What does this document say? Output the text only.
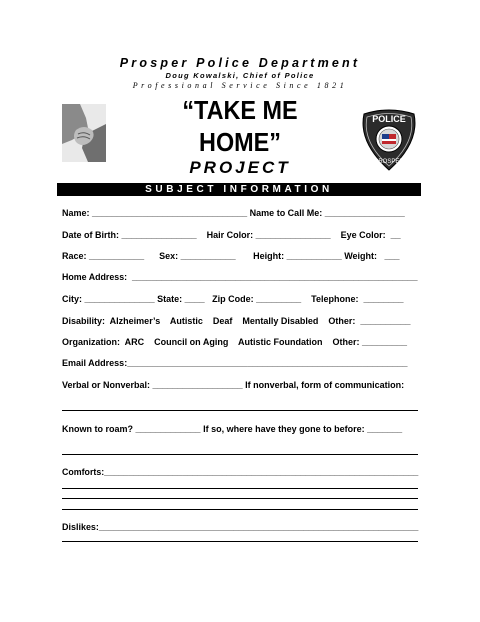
Prosper Police Department
Doug Kowalski, Chief of Police
Professional Service Since 1821
“TAKE ME
HOME”
PROJECT
POLICE
PROSPER
SUBJECT INFORMATION
Name: _______________________________ Name to Call Me: ________________
Date of Birth: _______________    Hair Color: _______________    Eye Color:  __
Race: ___________      Sex: ___________       Height: ___________ Weight:   ___
Home Address:  __________________________________________________________
City: ______________ State: ____   Zip Code: _________    Telephone:  ________
Disability:  Alzheimer’s    Autistic    Deaf    Mentally Disabled    Other:  __________
Organization:  ARC    Council on Aging    Autistic Foundation    Other: _________
Email Address:________________________________________________________
Verbal or Nonverbal: __________________ If nonverbal, form of communication:
Known to roam? _____________ If so, where have they gone to before: _______
Comforts:________________________________________________________________
Dislikes:________________________________________________________________
